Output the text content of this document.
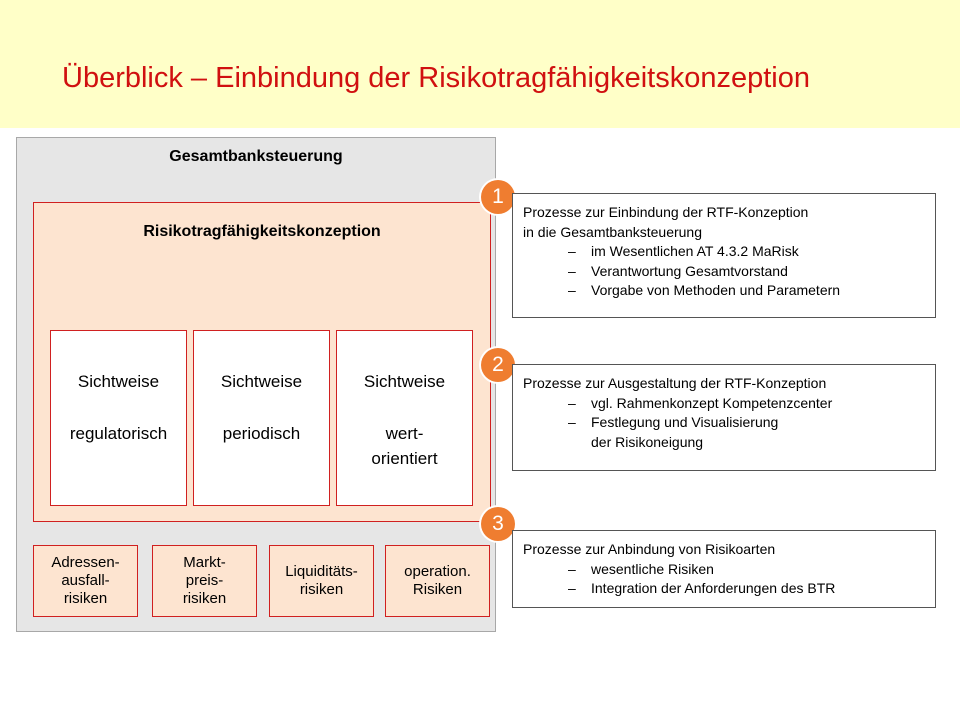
Überblick – Einbindung der Risikotragfähigkeitskonzeption
Gesamtbanksteuerung
Risikotragfähigkeitskonzeption
Sichtweise
regulatorisch
Sichtweise
periodisch
Sichtweise
wert-
orientiert
Adressen-
ausfall-
risiken
Markt-
preis-
risiken
Liquiditäts-
risiken
operation.
Risiken
1
2
3
Prozesse zur Einbindung der RTF-Konzeption
in die Gesamtbanksteuerung
–	im Wesentlichen AT 4.3.2 MaRisk
–	Verantwortung Gesamtvorstand
–	Vorgabe von Methoden und Parametern
Prozesse zur Ausgestaltung der RTF-Konzeption
–	vgl. Rahmenkonzept Kompetenzcenter
–	Festlegung und Visualisierung
der Risikoneigung
Prozesse zur Anbindung von Risikoarten
–	wesentliche Risiken
–	Integration der Anforderungen des BTR
